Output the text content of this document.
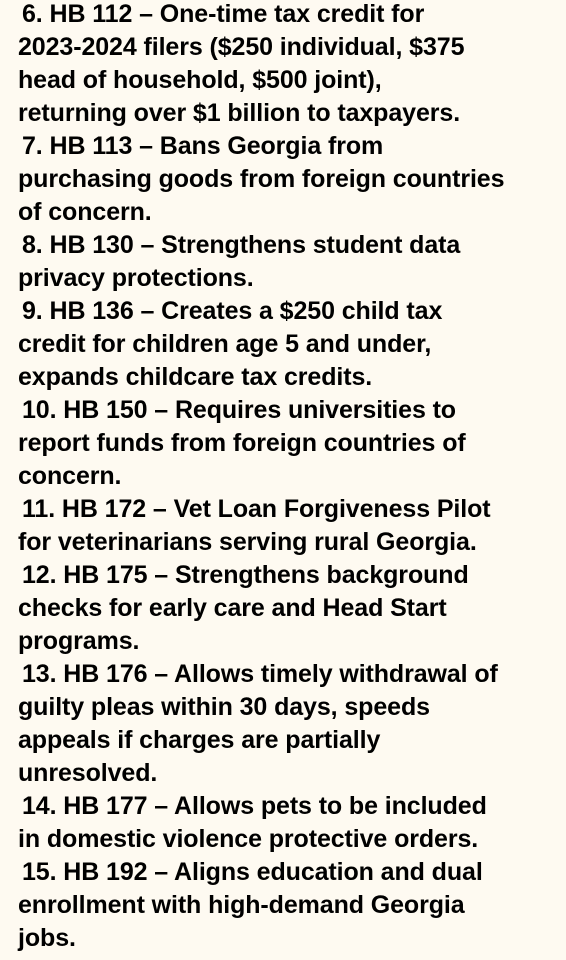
6. HB 112 – One-time tax credit for
2023-2024 filers ($250 individual, $375
head of household, $500 joint),
returning over $1 billion to taxpayers.
7. HB 113 – Bans Georgia from
purchasing goods from foreign countries
of concern.
8. HB 130 – Strengthens student data
privacy protections.
9. HB 136 – Creates a $250 child tax
credit for children age 5 and under,
expands childcare tax credits.
10. HB 150 – Requires universities to
report funds from foreign countries of
concern.
11. HB 172 – Vet Loan Forgiveness Pilot
for veterinarians serving rural Georgia.
12. HB 175 – Strengthens background
checks for early care and Head Start
programs.
13. HB 176 – Allows timely withdrawal of
guilty pleas within 30 days, speeds
appeals if charges are partially
unresolved.
14. HB 177 – Allows pets to be included
in domestic violence protective orders.
15. HB 192 – Aligns education and dual
enrollment with high-demand Georgia
jobs.
